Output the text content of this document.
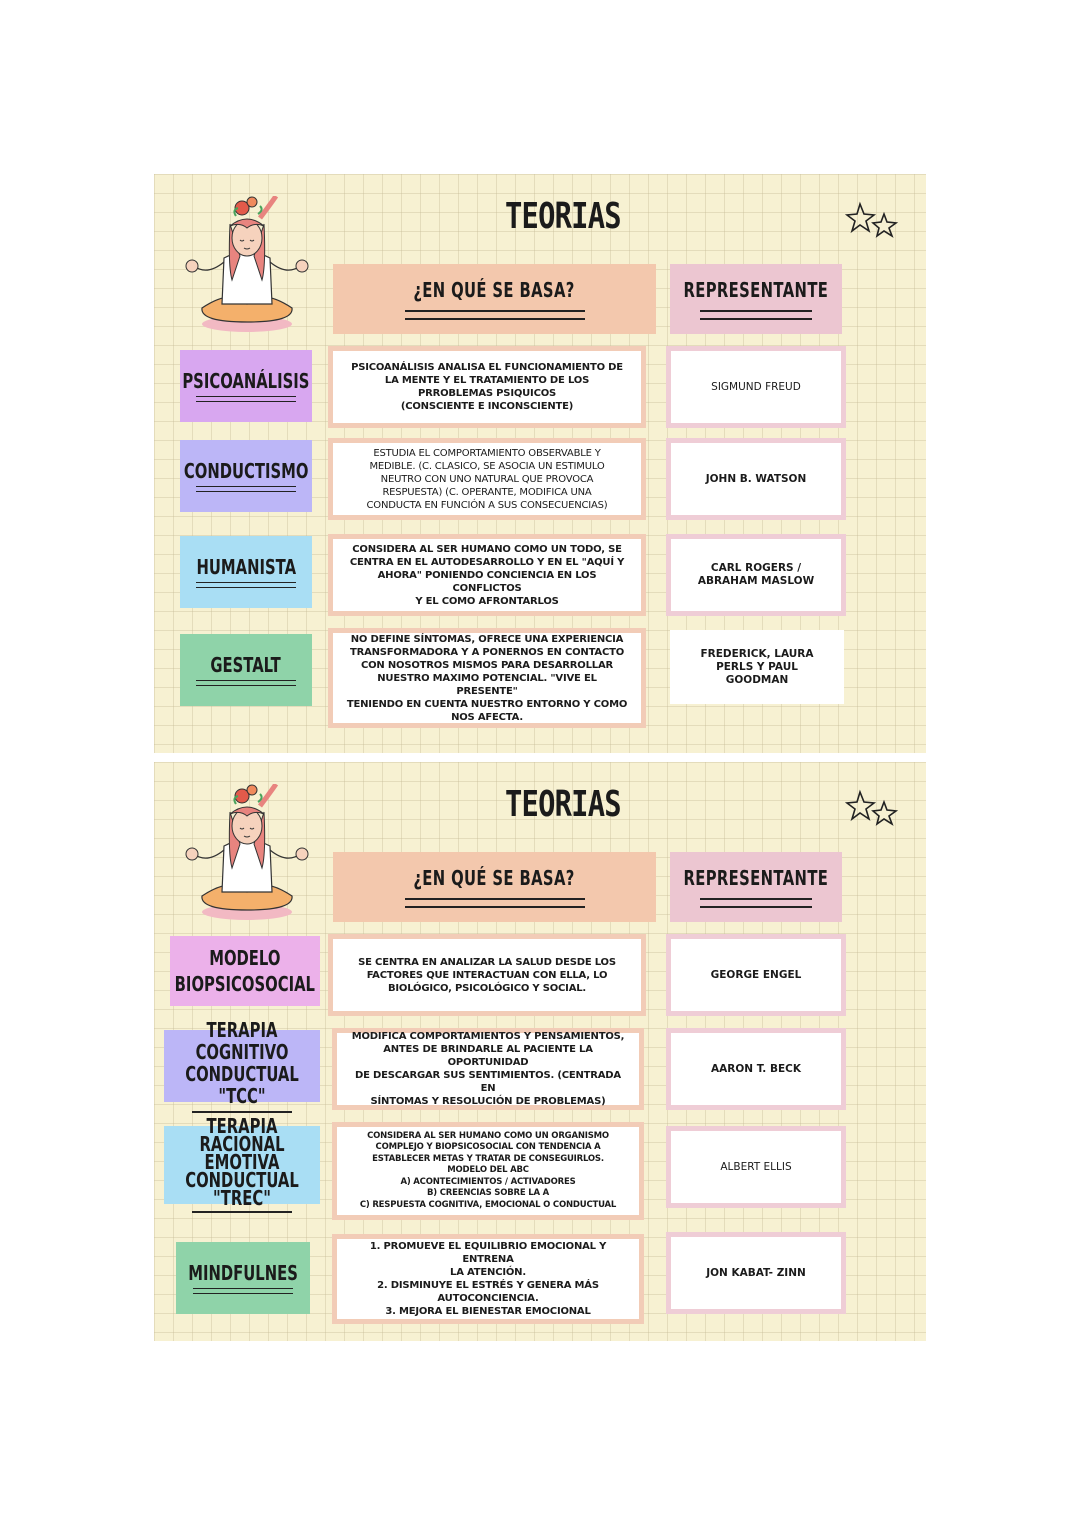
TEORIAS
¿EN QUÉ SE BASA?	REPRESENTANTE
PSICOANÁLISIS
PSICOANÁLISIS ANALISA EL FUNCIONAMIENTO DE
LA MENTE Y EL TRATAMIENTO DE LOS
PRROBLEMAS PSIQUICOS
(CONSCIENTE E INCONSCIENTE)
SIGMUND FREUD
CONDUCTISMO
ESTUDIA EL COMPORTAMIENTO OBSERVABLE Y
MEDIBLE. (C. CLASICO, SE ASOCIA UN ESTIMULO
NEUTRO CON UNO NATURAL QUE PROVOCA
RESPUESTA) (C. OPERANTE, MODIFICA UNA
CONDUCTA EN FUNCIÓN A SUS CONSECUENCIAS)
JOHN B. WATSON
HUMANISTA
CONSIDERA AL SER HUMANO COMO UN TODO, SE
CENTRA EN EL AUTODESARROLLO Y EN EL "AQUÍ Y
AHORA" PONIENDO CONCIENCIA EN LOS CONFLICTOS
Y EL COMO AFRONTARLOS
CARL ROGERS /
ABRAHAM MASLOW
GESTALT
NO DEFINE SÍNTOMAS, OFRECE UNA EXPERIENCIA
TRANSFORMADORA Y A PONERNOS EN CONTACTO
CON NOSOTROS MISMOS PARA DESARROLLAR
NUESTRO MAXIMO POTENCIAL. "VIVE EL PRESENTE"
TENIENDO EN CUENTA NUESTRO ENTORNO Y COMO
NOS AFECTA.
FREDERICK, LAURA
PERLS Y PAUL
GOODMAN
TEORIAS
¿EN QUÉ SE BASA?	REPRESENTANTE
MODELO
BIOPSICOSOCIAL
SE CENTRA EN ANALIZAR LA SALUD DESDE LOS
FACTORES QUE INTERACTUAN CON ELLA, LO
BIOLÓGICO, PSICOLÓGICO Y SOCIAL.
GEORGE ENGEL
TERAPIA COGNITIVO
CONDUCTUAL "TCC"
MODIFICA COMPORTAMIENTOS Y PENSAMIENTOS,
ANTES DE BRINDARLE AL PACIENTE LA OPORTUNIDAD
DE DESCARGAR SUS SENTIMIENTOS. (CENTRADA EN
SÍNTOMAS Y RESOLUCIÓN DE PROBLEMAS)
AARON T. BECK
TERAPIA RACIONAL
EMOTIVA
CONDUCTUAL "TREC"
CONSIDERA AL SER HUMANO COMO UN ORGANISMO
COMPLEJO Y BIOPSICOSOCIAL CON TENDENCIA A
ESTABLECER METAS Y TRATAR DE CONSEGUIRLOS.
MODELO DEL ABC
A) ACONTECIMIENTOS / ACTIVADORES
B) CREENCIAS SOBRE LA A
C) RESPUESTA COGNITIVA, EMOCIONAL O CONDUCTUAL
ALBERT ELLIS
MINDFULNES
1. PROMUEVE EL EQUILIBRIO EMOCIONAL Y ENTRENA
LA ATENCIÓN.
2. DISMINUYE EL ESTRÉS Y GENERA MÁS
AUTOCONCIENCIA.
3. MEJORA EL BIENESTAR EMOCIONAL
JON KABAT- ZINN
